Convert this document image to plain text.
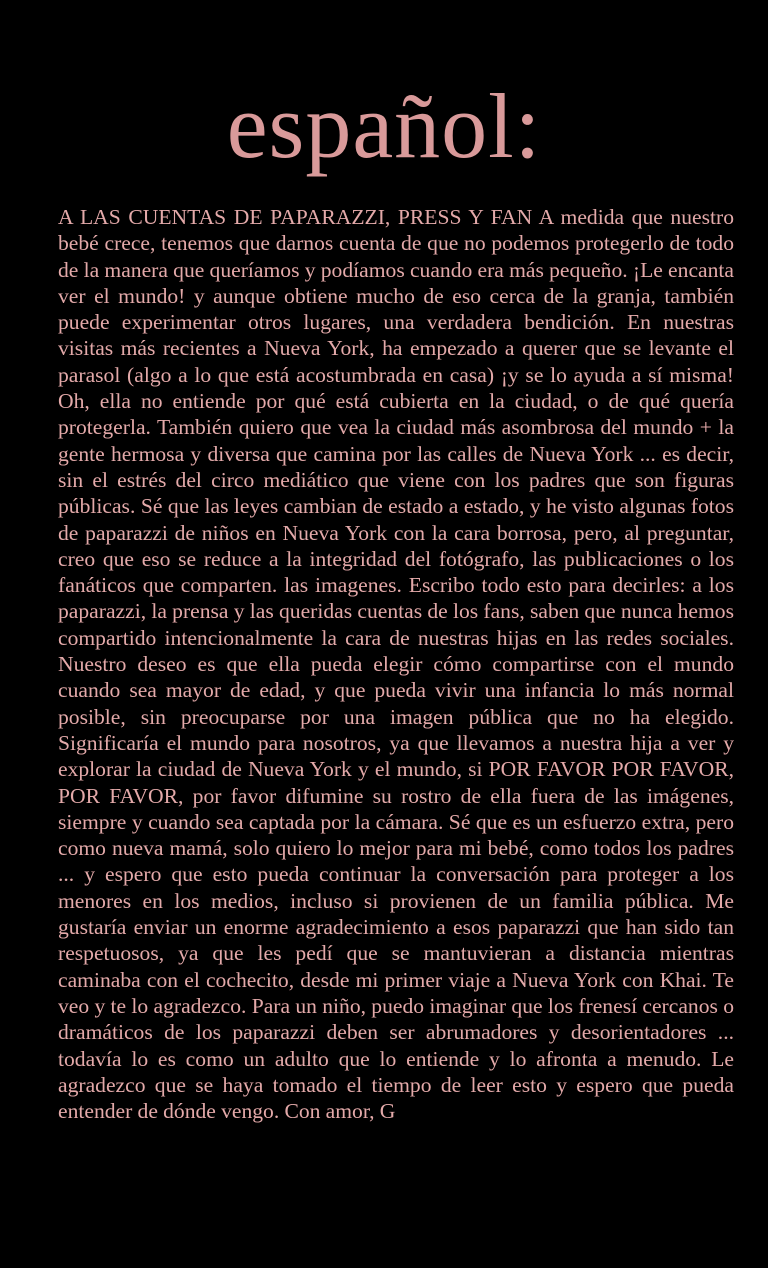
español:

A LAS CUENTAS DE PAPARAZZI, PRESS Y FAN A medida que nuestro bebé crece, tenemos que darnos cuenta de que no podemos protegerlo de todo de la manera que queríamos y podíamos cuando era más pequeño. ¡Le encanta ver el mundo! y aunque obtiene mucho de eso cerca de la granja, también puede experimentar otros lugares, una verdadera bendición. En nuestras visitas más recientes a Nueva York, ha empezado a querer que se levante el parasol (algo a lo que está acostumbrada en casa) ¡y se lo ayuda a sí misma! Oh, ella no entiende por qué está cubierta en la ciudad, o de qué quería protegerla. También quiero que vea la ciudad más asombrosa del mundo + la gente hermosa y diversa que camina por las calles de Nueva York ... es decir, sin el estrés del circo mediático que viene con los padres que son figuras públicas. Sé que las leyes cambian de estado a estado, y he visto algunas fotos de paparazzi de niños en Nueva York con la cara borrosa, pero, al preguntar, creo que eso se reduce a la integridad del fotógrafo, las publicaciones o los fanáticos que comparten. las imagenes. Escribo todo esto para decirles: a los paparazzi, la prensa y las queridas cuentas de los fans, saben que nunca hemos compartido intencionalmente la cara de nuestras hijas en las redes sociales. Nuestro deseo es que ella pueda elegir cómo compartirse con el mundo cuando sea mayor de edad, y que pueda vivir una infancia lo más normal posible, sin preocuparse por una imagen pública que no ha elegido. Significaría el mundo para nosotros, ya que llevamos a nuestra hija a ver y explorar la ciudad de Nueva York y el mundo, si POR FAVOR POR FAVOR, POR FAVOR, por favor difumine su rostro de ella fuera de las imágenes, siempre y cuando sea captada por la cámara. Sé que es un esfuerzo extra, pero como nueva mamá, solo quiero lo mejor para mi bebé, como todos los padres ... y espero que esto pueda continuar la conversación para proteger a los menores en los medios, incluso si provienen de un familia pública. Me gustaría enviar un enorme agradecimiento a esos paparazzi que han sido tan respetuosos, ya que les pedí que se mantuvieran a distancia mientras caminaba con el cochecito, desde mi primer viaje a Nueva York con Khai. Te veo y te lo agradezco. Para un niño, puedo imaginar que los frenesí cercanos o dramáticos de los paparazzi deben ser abrumadores y desorientadores ... todavía lo es como un adulto que lo entiende y lo afronta a menudo. Le agradezco que se haya tomado el tiempo de leer esto y espero que pueda entender de dónde vengo. Con amor, G
